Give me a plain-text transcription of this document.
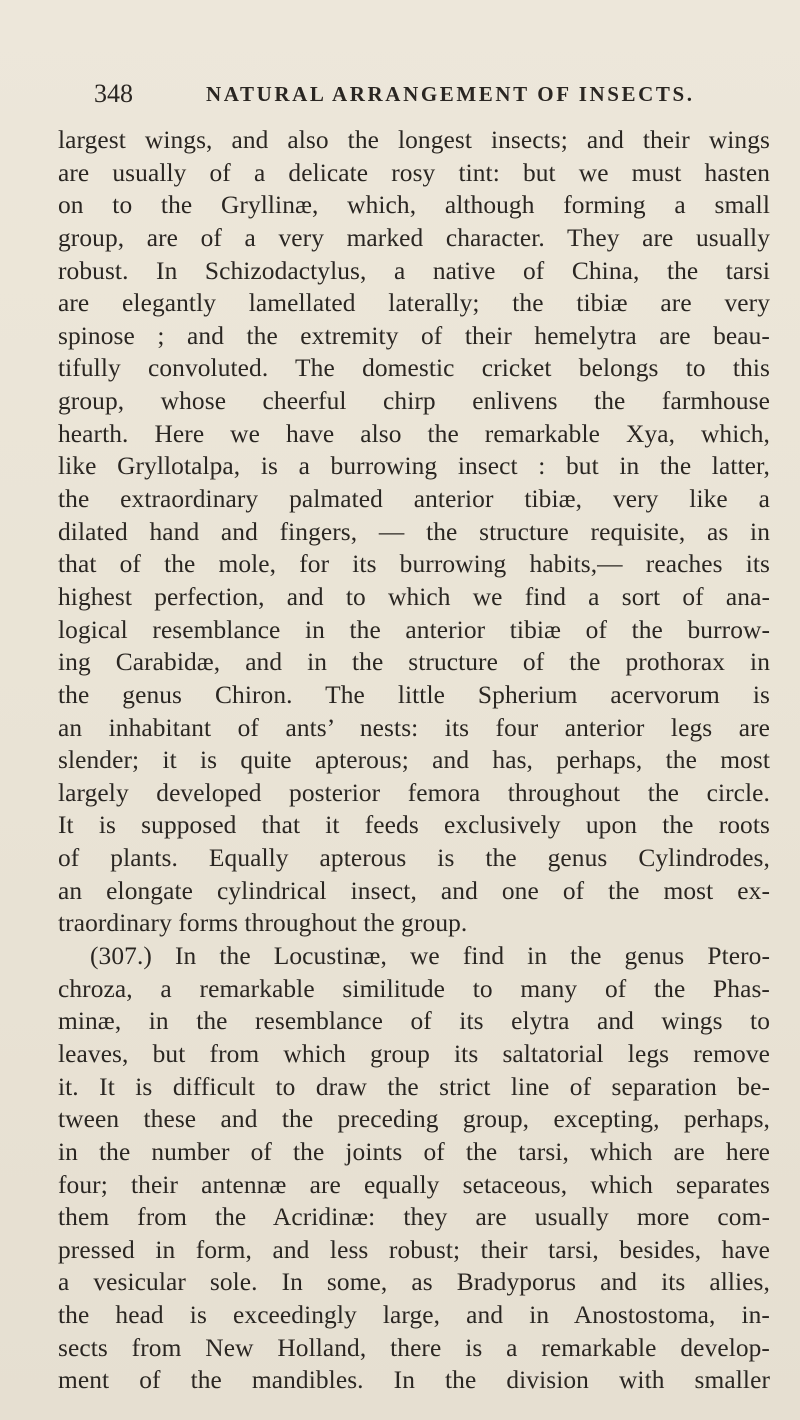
348	NATURAL ARRANGEMENT OF INSECTS.
largest wings, and also the longest insects; and their wings
are usually of a delicate rosy tint: but we must hasten
on to the Gryllinæ, which, although forming a small
group, are of a very marked character. They are usually
robust. In Schizodactylus, a native of China, the tarsi
are elegantly lamellated laterally; the tibiæ are very
spinose ; and the extremity of their hemelytra are beau-
tifully convoluted. The domestic cricket belongs to this
group, whose cheerful chirp enlivens the farmhouse
hearth. Here we have also the remarkable Xya, which,
like Gryllotalpa, is a burrowing insect : but in the latter,
the extraordinary palmated anterior tibiæ, very like a
dilated hand and fingers, — the structure requisite, as in
that of the mole, for its burrowing habits,— reaches its
highest perfection, and to which we find a sort of ana-
logical resemblance in the anterior tibiæ of the burrow-
ing Carabidæ, and in the structure of the prothorax in
the genus Chiron. The little Spherium acervorum is
an inhabitant of ants’ nests: its four anterior legs are
slender; it is quite apterous; and has, perhaps, the most
largely developed posterior femora throughout the circle.
It is supposed that it feeds exclusively upon the roots
of plants. Equally apterous is the genus Cylindrodes,
an elongate cylindrical insect, and one of the most ex-
traordinary forms throughout the group.
(307.) In the Locustinæ, we find in the genus Ptero-
chroza, a remarkable similitude to many of the Phas-
minæ, in the resemblance of its elytra and wings to
leaves, but from which group its saltatorial legs remove
it. It is difficult to draw the strict line of separation be-
tween these and the preceding group, excepting, perhaps,
in the number of the joints of the tarsi, which are here
four; their antennæ are equally setaceous, which separates
them from the Acridinæ: they are usually more com-
pressed in form, and less robust; their tarsi, besides, have
a vesicular sole. In some, as Bradyporus and its allies,
the head is exceedingly large, and in Anostostoma, in-
sects from New Holland, there is a remarkable develop-
ment of the mandibles. In the division with smaller
